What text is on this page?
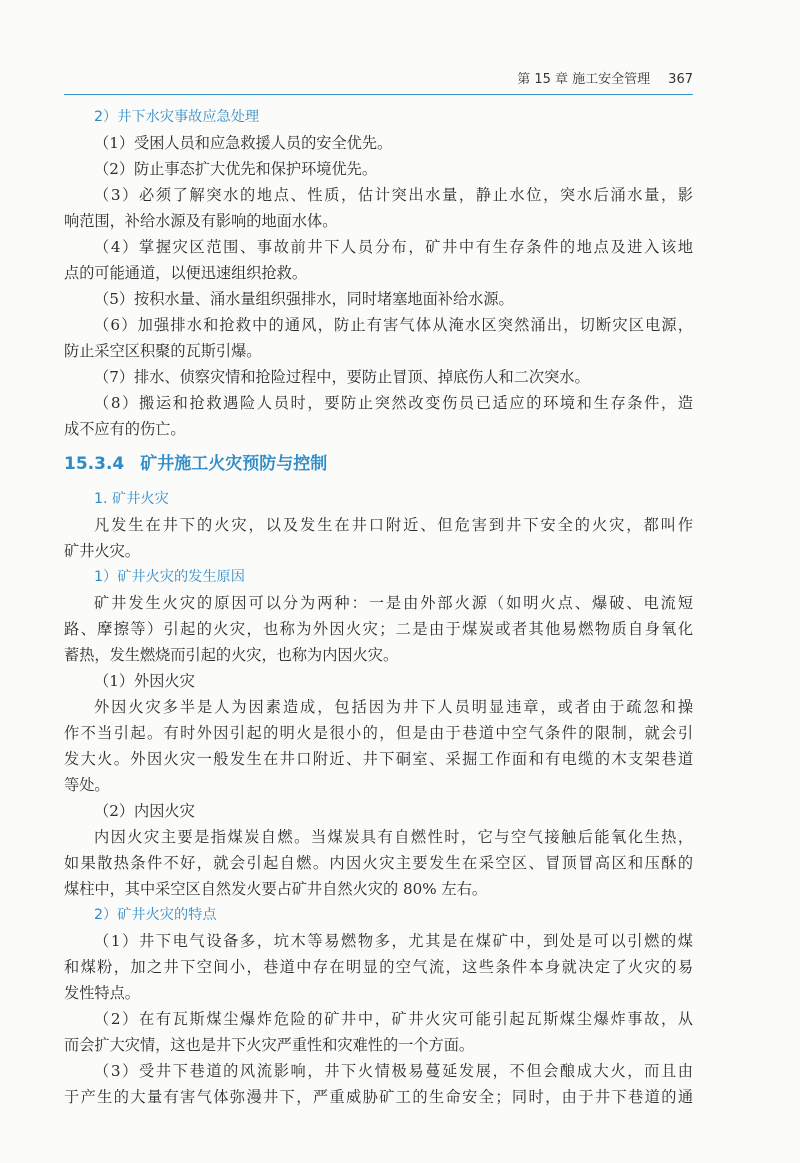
第 15 章 施工安全管理 367
2）井下水灾事故应急处理
（1）受困人员和应急救援人员的安全优先。
（2）防止事态扩大优先和保护环境优先。
（3）必须了解突水的地点、性质，估计突出水量，静止水位，突水后涌水量，影
响范围，补给水源及有影响的地面水体。
（4）掌握灾区范围、事故前井下人员分布，矿井中有生存条件的地点及进入该地
点的可能通道，以便迅速组织抢救。
（5）按积水量、涌水量组织强排水，同时堵塞地面补给水源。
（6）加强排水和抢救中的通风，防止有害气体从淹水区突然涌出，切断灾区电源，
防止采空区积聚的瓦斯引爆。
（7）排水、侦察灾情和抢险过程中，要防止冒顶、掉底伤人和二次突水。
（8）搬运和抢救遇险人员时，要防止突然改变伤员已适应的环境和生存条件，造
成不应有的伤亡。
15.3.4 矿井施工火灾预防与控制
1. 矿井火灾
凡发生在井下的火灾，以及发生在井口附近、但危害到井下安全的火灾，都叫作
矿井火灾。
1）矿井火灾的发生原因
矿井发生火灾的原因可以分为两种：一是由外部火源（如明火点、爆破、电流短
路、摩擦等）引起的火灾，也称为外因火灾；二是由于煤炭或者其他易燃物质自身氧化
蓄热，发生燃烧而引起的火灾，也称为内因火灾。
（1）外因火灾
外因火灾多半是人为因素造成，包括因为井下人员明显违章，或者由于疏忽和操
作不当引起。有时外因引起的明火是很小的，但是由于巷道中空气条件的限制，就会引
发大火。外因火灾一般发生在井口附近、井下硐室、采掘工作面和有电缆的木支架巷道
等处。
（2）内因火灾
内因火灾主要是指煤炭自燃。当煤炭具有自燃性时，它与空气接触后能氧化生热，
如果散热条件不好，就会引起自燃。内因火灾主要发生在采空区、冒顶冒高区和压酥的
煤柱中，其中采空区自然发火要占矿井自然火灾的 80% 左右。
2）矿井火灾的特点
（1）井下电气设备多，坑木等易燃物多，尤其是在煤矿中，到处是可以引燃的煤
和煤粉，加之井下空间小，巷道中存在明显的空气流，这些条件本身就决定了火灾的易
发性特点。
（2）在有瓦斯煤尘爆炸危险的矿井中，矿井火灾可能引起瓦斯煤尘爆炸事故，从
而会扩大灾情，这也是井下火灾严重性和灾难性的一个方面。
（3）受井下巷道的风流影响，井下火情极易蔓延发展，不但会酿成大火，而且由
于产生的大量有害气体弥漫井下，严重威胁矿工的生命安全；同时，由于井下巷道的通
